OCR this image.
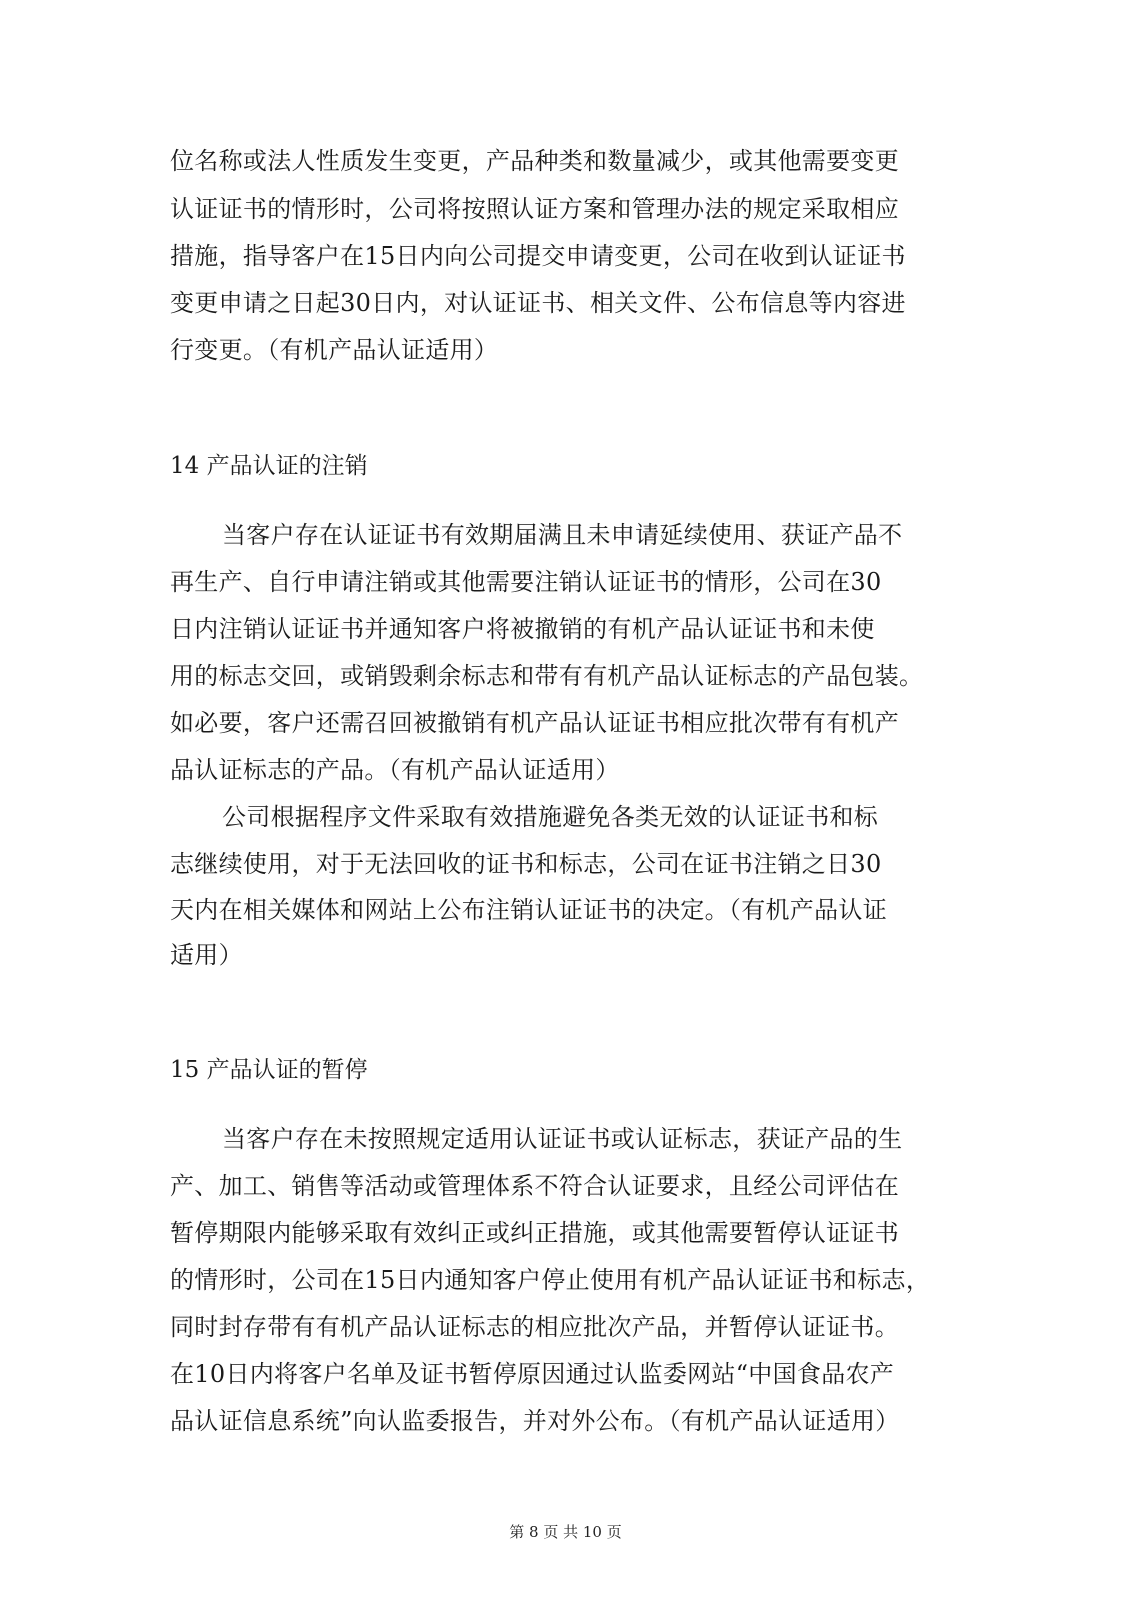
位名称或法人性质发生变更，产品种类和数量减少，或其他需要变更
认证证书的情形时，公司将按照认证方案和管理办法的规定采取相应
措施，指导客户在15日内向公司提交申请变更，公司在收到认证证书
变更申请之日起30日内，对认证证书、相关文件、公布信息等内容进
行变更。（有机产品认证适用）
14 产品认证的注销
当客户存在认证证书有效期届满且未申请延续使用、获证产品不
再生产、自行申请注销或其他需要注销认证证书的情形，公司在30
日内注销认证证书并通知客户将被撤销的有机产品认证证书和未使
用的标志交回，或销毁剩余标志和带有有机产品认证标志的产品包装。
如必要，客户还需召回被撤销有机产品认证证书相应批次带有有机产
品认证标志的产品。（有机产品认证适用）
公司根据程序文件采取有效措施避免各类无效的认证证书和标
志继续使用，对于无法回收的证书和标志，公司在证书注销之日30
天内在相关媒体和网站上公布注销认证证书的决定。（有机产品认证
适用）
15 产品认证的暂停
当客户存在未按照规定适用认证证书或认证标志，获证产品的生
产、加工、销售等活动或管理体系不符合认证要求，且经公司评估在
暂停期限内能够采取有效纠正或纠正措施，或其他需要暂停认证证书
的情形时，公司在15日内通知客户停止使用有机产品认证证书和标志，
同时封存带有有机产品认证标志的相应批次产品，并暂停认证证书。
在10日内将客户名单及证书暂停原因通过认监委网站“中国食品农产
品认证信息系统”向认监委报告，并对外公布。（有机产品认证适用）
第 8 页 共 10 页
